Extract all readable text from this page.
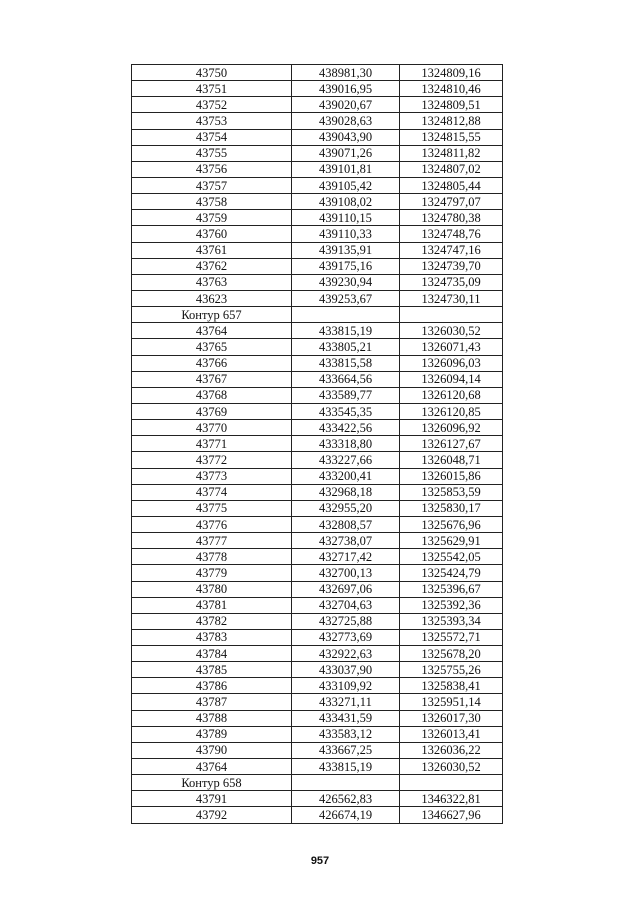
43750	438981,30	1324809,16
43751	439016,95	1324810,46
43752	439020,67	1324809,51
43753	439028,63	1324812,88
43754	439043,90	1324815,55
43755	439071,26	1324811,82
43756	439101,81	1324807,02
43757	439105,42	1324805,44
43758	439108,02	1324797,07
43759	439110,15	1324780,38
43760	439110,33	1324748,76
43761	439135,91	1324747,16
43762	439175,16	1324739,70
43763	439230,94	1324735,09
43623	439253,67	1324730,11
Контур 657		
43764	433815,19	1326030,52
43765	433805,21	1326071,43
43766	433815,58	1326096,03
43767	433664,56	1326094,14
43768	433589,77	1326120,68
43769	433545,35	1326120,85
43770	433422,56	1326096,92
43771	433318,80	1326127,67
43772	433227,66	1326048,71
43773	433200,41	1326015,86
43774	432968,18	1325853,59
43775	432955,20	1325830,17
43776	432808,57	1325676,96
43777	432738,07	1325629,91
43778	432717,42	1325542,05
43779	432700,13	1325424,79
43780	432697,06	1325396,67
43781	432704,63	1325392,36
43782	432725,88	1325393,34
43783	432773,69	1325572,71
43784	432922,63	1325678,20
43785	433037,90	1325755,26
43786	433109,92	1325838,41
43787	433271,11	1325951,14
43788	433431,59	1326017,30
43789	433583,12	1326013,41
43790	433667,25	1326036,22
43764	433815,19	1326030,52
Контур 658		
43791	426562,83	1346322,81
43792	426674,19	1346627,96
957
